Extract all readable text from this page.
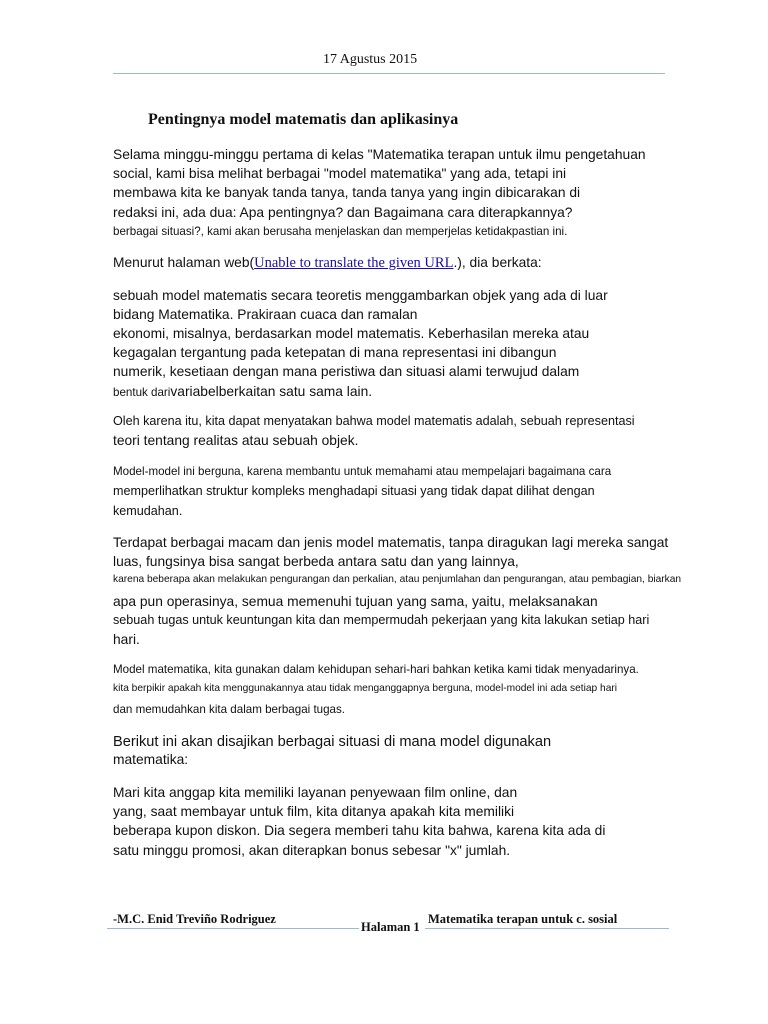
17 Agustus 2015
Pentingnya model matematis dan aplikasinya
Selama minggu-minggu pertama di kelas "Matematika terapan untuk ilmu pengetahuan
social, kami bisa melihat berbagai "model matematika" yang ada, tetapi ini
membawa kita ke banyak tanda tanya, tanda tanya yang ingin dibicarakan di
redaksi ini, ada dua: Apa pentingnya? dan Bagaimana cara diterapkannya?
berbagai situasi?, kami akan berusaha menjelaskan dan memperjelas ketidakpastian ini.
Menurut halaman web(Unable to translate the given URL.), dia berkata:
sebuah model matematis secara teoretis menggambarkan objek yang ada di luar
bidang Matematika. Prakiraan cuaca dan ramalan
ekonomi, misalnya, berdasarkan model matematis. Keberhasilan mereka atau
kegagalan tergantung pada ketepatan di mana representasi ini dibangun
numerik, kesetiaan dengan mana peristiwa dan situasi alami terwujud dalam
bentuk darivariabelberkaitan satu sama lain.
Oleh karena itu, kita dapat menyatakan bahwa model matematis adalah, sebuah representasi
teori tentang realitas atau sebuah objek.
Model-model ini berguna, karena membantu untuk memahami atau mempelajari bagaimana cara
memperlihatkan struktur kompleks menghadapi situasi yang tidak dapat dilihat dengan
kemudahan.
Terdapat berbagai macam dan jenis model matematis, tanpa diragukan lagi mereka sangat
luas, fungsinya bisa sangat berbeda antara satu dan yang lainnya,
karena beberapa akan melakukan pengurangan dan perkalian, atau penjumlahan dan pengurangan, atau pembagian, biarkan
apa pun operasinya, semua memenuhi tujuan yang sama, yaitu, melaksanakan
sebuah tugas untuk keuntungan kita dan mempermudah pekerjaan yang kita lakukan setiap hari
hari.
Model matematika, kita gunakan dalam kehidupan sehari-hari bahkan ketika kami tidak menyadarinya.
kita berpikir apakah kita menggunakannya atau tidak menganggapnya berguna, model-model ini ada setiap hari
dan memudahkan kita dalam berbagai tugas.
Berikut ini akan disajikan berbagai situasi di mana model digunakan
matematika:
Mari kita anggap kita memiliki layanan penyewaan film online, dan
yang, saat membayar untuk film, kita ditanya apakah kita memiliki
beberapa kupon diskon. Dia segera memberi tahu kita bahwa, karena kita ada di
satu minggu promosi, akan diterapkan bonus sebesar "x" jumlah.
-M.C. Enid Treviño Rodriguez	Matematika terapan untuk c. sosial
Halaman 1
